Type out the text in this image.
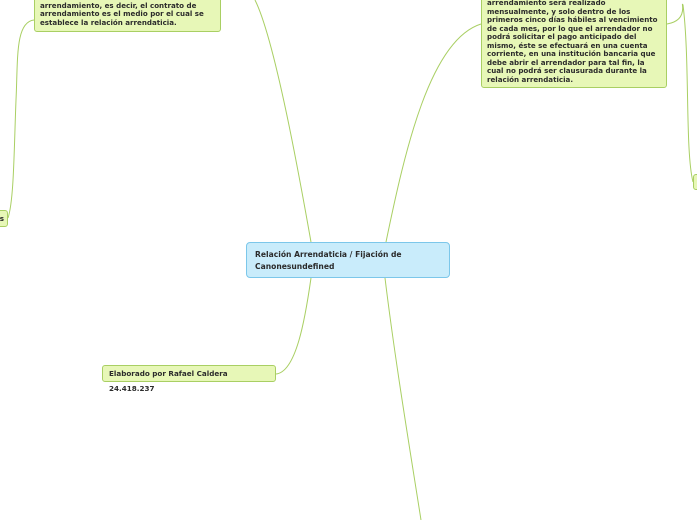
Relación Arrendaticia / Fijación de Canonesundefined
arrendamiento, es decir, el contrato de arrendamiento es el medio por el cual se establece la relación arrendaticia.
arrendamiento será realizado mensualmente, y solo dentro de los primeros cinco días hábiles al vencimiento de cada mes, por lo que el arrendador no podrá solicitar el pago anticipado del mismo, éste se efectuará en una cuenta corriente, en una institución bancaria que debe abrir el arrendador para tal fin, la cual no podrá ser clausurada durante la relación arrendaticia.
Elaborado por Rafael Caldera 24.418.237
s
